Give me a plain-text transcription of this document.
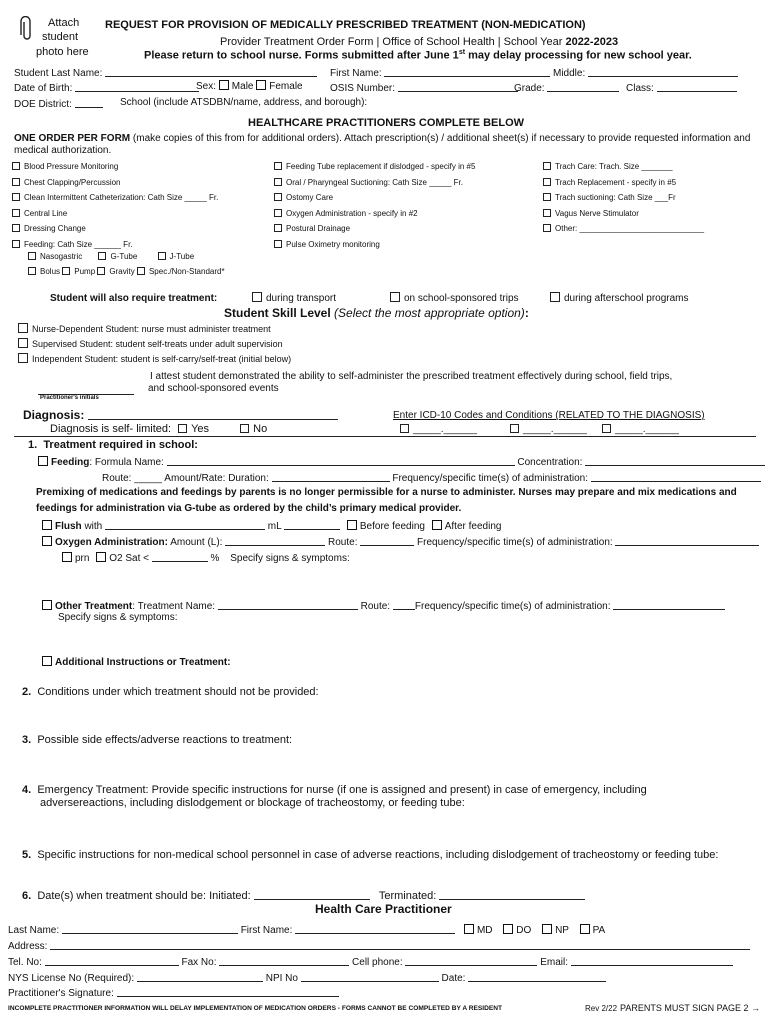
Attach
student
photo here
REQUEST FOR PROVISION OF MEDICALLY PRESCRIBED TREATMENT (NON-MEDICATION)
Provider Treatment Order Form | Office of School Health | School Year 2022-2023
Please return to school nurse. Forms submitted after June 1st may delay processing for new school year.
Student Last Name:	First Name:	Middle:
Date of Birth:	Sex: Male Female	OSIS Number:	Grade:	Class:
DOE District:	School (include ATSDBN/name, address, and borough):
HEALTHCARE PRACTITIONERS COMPLETE BELOW
ONE ORDER PER FORM (make copies of this from for additional orders). Attach prescription(s) / additional sheet(s) if necessary to provide requested information and
medical authorization.
Blood Pressure Monitoring
Chest Clapping/Percussion
Clean Intermittent Catheterization: Cath Size _____ Fr.
Central Line
Dressing Change
Feeding: Cath Size ______ Fr.
Feeding Tube replacement if dislodged - specify in #5
Oral / Pharyngeal Suctioning: Cath Size _____ Fr.
Ostomy Care
Oxygen Administration - specify in #2
Postural Drainage
Pulse Oximetry monitoring
Trach Care: Trach. Size _______
Trach Replacement - specify in #5
Trach suctioning: Cath Size ___Fr
Vagus Nerve Stimulator
Other: ____________________________
Nasogastric	G-Tube	J-Tube
Bolus Pump Gravity Spec./Non-Standard*
Student will also require treatment:	during transport	on school-sponsored trips	during afterschool programs
Student Skill Level (Select the most appropriate option):
Nurse-Dependent Student: nurse must administer treatment
Supervised Student: student self-treats under adult supervision
Independent Student: student is self-carry/self-treat (initial below)
I attest student demonstrated the ability to self-administer the prescribed treatment effectively during school, field trips,
and school-sponsored events
Practitioner's initials
Diagnosis:	Enter ICD-10 Codes and Conditions (RELATED TO THE DIAGNOSIS)
Diagnosis is self- limited: Yes	No	_____.______	_____.______	_____.______
1. Treatment required in school:
Feeding: Formula Name:	Concentration:
Route: _____ Amount/Rate: Duration:	Frequency/specific time(s) of administration:
Premixing of medications and feedings by parents is no longer permissible for a nurse to administer. Nurses may prepare and mix medications and
feedings for administration via G-tube as ordered by the child’s primary medical provider.
Flush with	mL	Before feeding After feeding
Oxygen Administration: Amount (L):	Route:	Frequency/specific time(s) of administration:
prn O2 Sat <	% Specify signs & symptoms:
Other Treatment: Treatment Name:	Route: Frequency/specific time(s) of administration:
Specify signs & symptoms:
Additional Instructions or Treatment:
2. Conditions under which treatment should not be provided:
3. Possible side effects/adverse reactions to treatment:
4. Emergency Treatment: Provide specific instructions for nurse (if one is assigned and present) in case of emergency, including
adversereactions, including dislodgement or blockage of tracheostomy, or feeding tube:
5. Specific instructions for non-medical school personnel in case of adverse reactions, including dislodgement of tracheostomy or feeding tube:
6. Date(s) when treatment should be: Initiated:	Terminated:
Health Care Practitioner
Last Name:	First Name:	MD DO NP PA
Address:
Tel. No:	Fax No:	Cell phone:	Email:
NYS License No (Required):	NPI No	Date:
Practitioner's Signature:
INCOMPLETE PRACTITIONER INFORMATION WILL DELAY IMPLEMENTATION OF MEDICATION ORDERS - FORMS CANNOT BE COMPLETED BY A RESIDENT	Rev 2/22 PARENTS MUST SIGN PAGE 2 →
